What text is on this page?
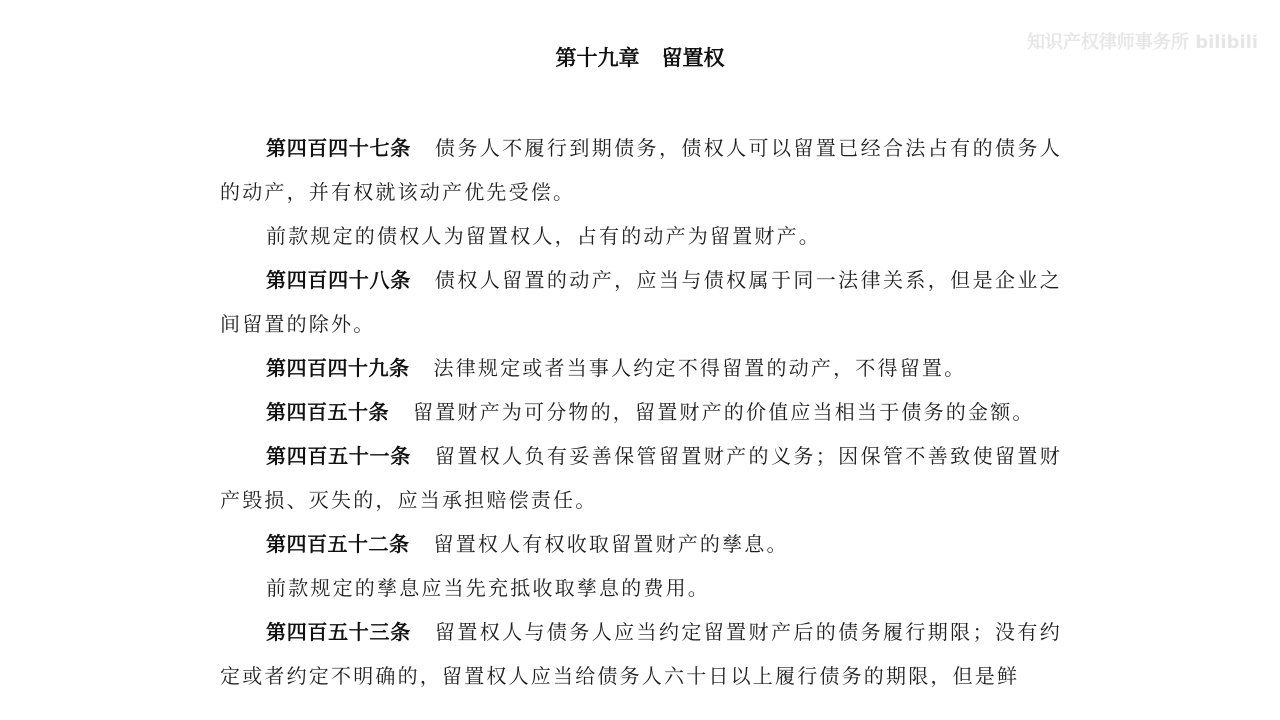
知识产权律师事务所 bilibili
第十九章   留置权

第四百四十七条 债务人不履行到期债务，债权人可以留置已经合法占有的债务人的动产，并有权就该动产优先受偿。

前款规定的债权人为留置权人，占有的动产为留置财产。

第四百四十八条 债权人留置的动产，应当与债权属于同一法律关系，但是企业之间留置的除外。

第四百四十九条 法律规定或者当事人约定不得留置的动产，不得留置。

第四百五十条 留置财产为可分物的，留置财产的价值应当相当于债务的金额。

第四百五十一条 留置权人负有妥善保管留置财产的义务；因保管不善致使留置财产毁损、灭失的，应当承担赔偿责任。

第四百五十二条 留置权人有权收取留置财产的孳息。

前款规定的孳息应当先充抵收取孳息的费用。

第四百五十三条 留置权人与债务人应当约定留置财产后的债务履行期限；没有约定或者约定不明确的，留置权人应当给债务人六十日以上履行债务的期限，但是鲜
